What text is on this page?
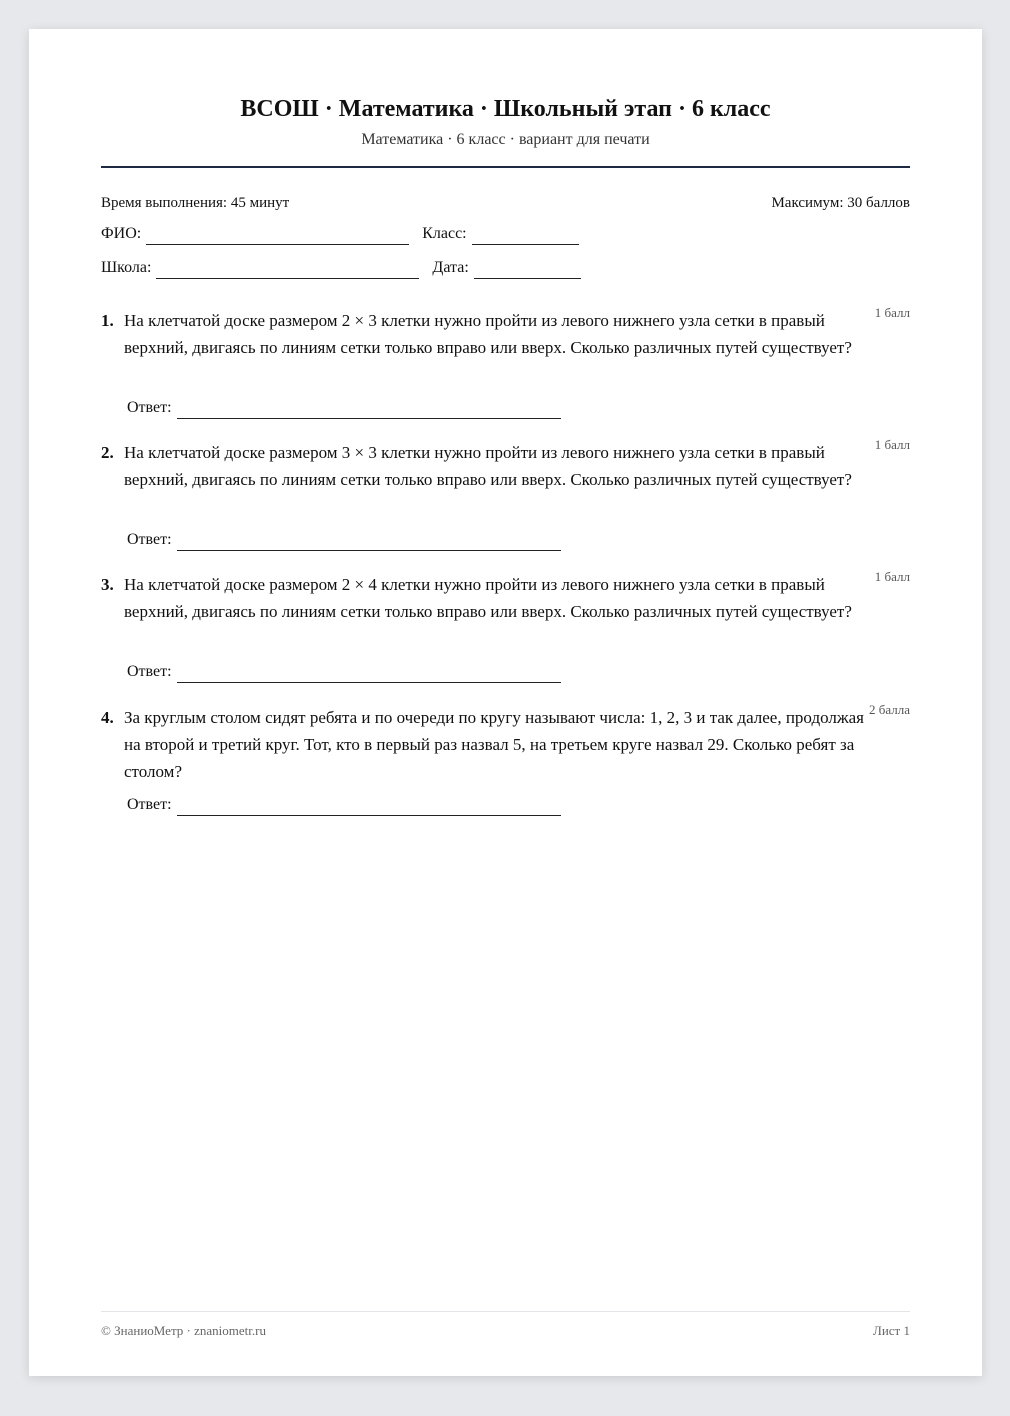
ВСОШ · Математика · Школьный этап · 6 класс
Математика · 6 класс · вариант для печати
Время выполнения: 45 минут	Максимум: 30 баллов
ФИО:	Класс:
Школа:	Дата:
1. На клетчатой доске размером 2 × 3 клетки нужно пройти из левого нижнего узла сетки в правый верхний, двигаясь по линиям сетки только вправо или вверх. Сколько различных путей существует?
1 балл
Ответ:
2. На клетчатой доске размером 3 × 3 клетки нужно пройти из левого нижнего узла сетки в правый верхний, двигаясь по линиям сетки только вправо или вверх. Сколько различных путей существует?
1 балл
Ответ:
3. На клетчатой доске размером 2 × 4 клетки нужно пройти из левого нижнего узла сетки в правый верхний, двигаясь по линиям сетки только вправо или вверх. Сколько различных путей существует?
1 балл
Ответ:
4. За круглым столом сидят ребята и по очереди по кругу называют числа: 1, 2, 3 и так далее, продолжая на второй и третий круг. Тот, кто в первый раз назвал 5, на третьем круге назвал 29. Сколько ребят за столом?
2 балла
Ответ:
© ЗнаниоМетр · znaniometr.ru	Лист 1
